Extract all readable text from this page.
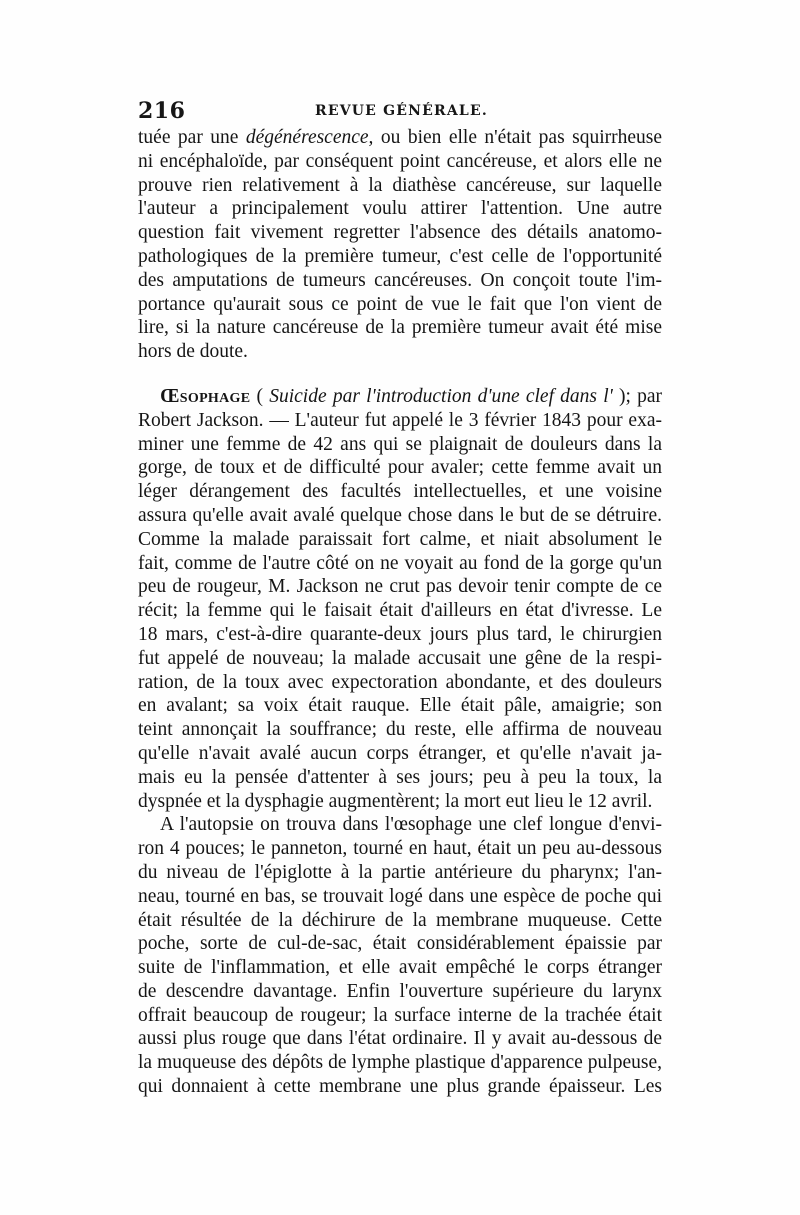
216	REVUE GÉNÉRALE.
tuée par une dégénérescence, ou bien elle n'était pas squirrheuse
ni encéphaloïde, par conséquent point cancéreuse, et alors elle ne
prouve rien relativement à la diathèse cancéreuse, sur laquelle
l'auteur a principalement voulu attirer l'attention. Une autre
question fait vivement regretter l'absence des détails anatomo-
pathologiques de la première tumeur, c'est celle de l'opportunité
des amputations de tumeurs cancéreuses. On conçoit toute l'im-
portance qu'aurait sous ce point de vue le fait que l'on vient de
lire, si la nature cancéreuse de la première tumeur avait été mise
hors de doute.
Œsophage ( Suicide par l'introduction d'une clef dans l' ); par
Robert Jackson. — L'auteur fut appelé le 3 février 1843 pour exa-
miner une femme de 42 ans qui se plaignait de douleurs dans la
gorge, de toux et de difficulté pour avaler; cette femme avait un
léger dérangement des facultés intellectuelles, et une voisine
assura qu'elle avait avalé quelque chose dans le but de se détruire.
Comme la malade paraissait fort calme, et niait absolument le
fait, comme de l'autre côté on ne voyait au fond de la gorge qu'un
peu de rougeur, M. Jackson ne crut pas devoir tenir compte de ce
récit; la femme qui le faisait était d'ailleurs en état d'ivresse. Le
18 mars, c'est-à-dire quarante-deux jours plus tard, le chirurgien
fut appelé de nouveau; la malade accusait une gêne de la respi-
ration, de la toux avec expectoration abondante, et des douleurs
en avalant; sa voix était rauque. Elle était pâle, amaigrie; son
teint annonçait la souffrance; du reste, elle affirma de nouveau
qu'elle n'avait avalé aucun corps étranger, et qu'elle n'avait ja-
mais eu la pensée d'attenter à ses jours; peu à peu la toux, la
dyspnée et la dysphagie augmentèrent; la mort eut lieu le 12 avril.
A l'autopsie on trouva dans l'œsophage une clef longue d'envi-
ron 4 pouces; le panneton, tourné en haut, était un peu au-dessous
du niveau de l'épiglotte à la partie antérieure du pharynx; l'an-
neau, tourné en bas, se trouvait logé dans une espèce de poche qui
était résultée de la déchirure de la membrane muqueuse. Cette
poche, sorte de cul-de-sac, était considérablement épaissie par
suite de l'inflammation, et elle avait empêché le corps étranger
de descendre davantage. Enfin l'ouverture supérieure du larynx
offrait beaucoup de rougeur; la surface interne de la trachée était
aussi plus rouge que dans l'état ordinaire. Il y avait au-dessous de
la muqueuse des dépôts de lymphe plastique d'apparence pulpeuse,
qui donnaient à cette membrane une plus grande épaisseur. Les
